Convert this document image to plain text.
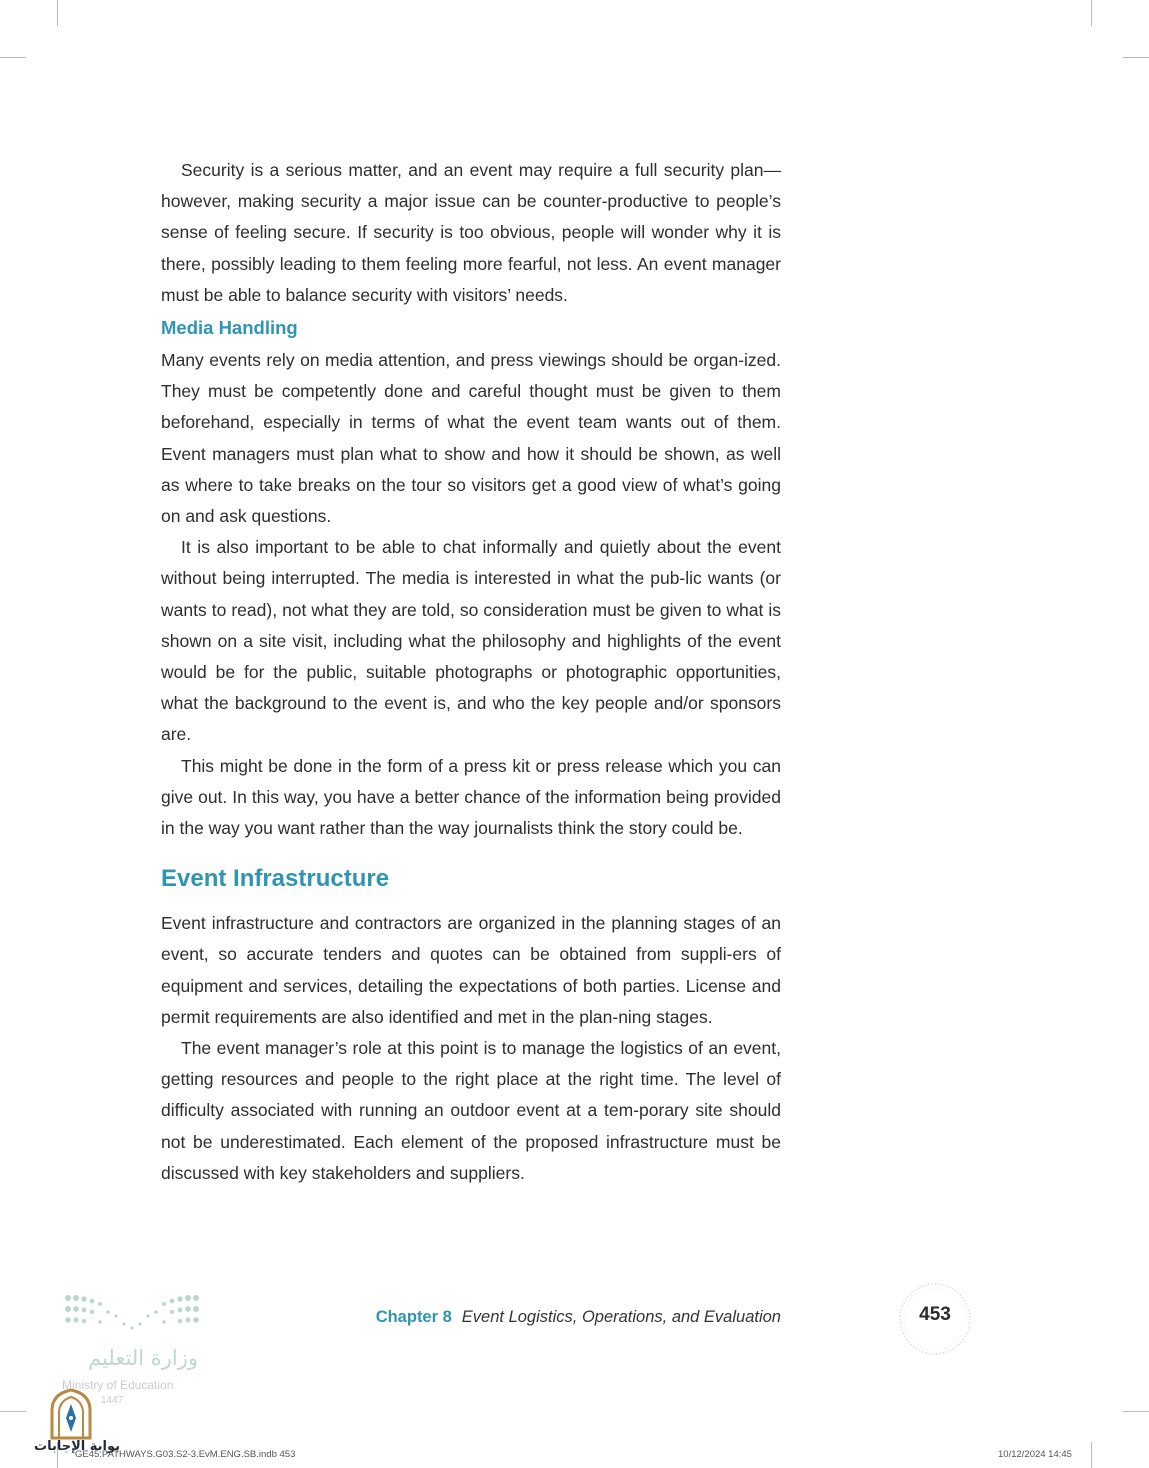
Security is a serious matter, and an event may require a full security plan—however, making security a major issue can be counter-productive to people’s sense of feeling secure. If security is too obvious, people will wonder why it is there, possibly leading to them feeling more fearful, not less. An event manager must be able to balance security with visitors’ needs.

Media Handling

Many events rely on media attention, and press viewings should be organ-ized. They must be competently done and careful thought must be given to them beforehand, especially in terms of what the event team wants out of them. Event managers must plan what to show and how it should be shown, as well as where to take breaks on the tour so visitors get a good view of what’s going on and ask questions.

It is also important to be able to chat informally and quietly about the event without being interrupted. The media is interested in what the pub-lic wants (or wants to read), not what they are told, so consideration must be given to what is shown on a site visit, including what the philosophy and highlights of the event would be for the public, suitable photographs or photographic opportunities, what the background to the event is, and who the key people and/or sponsors are.

This might be done in the form of a press kit or press release which you can give out. In this way, you have a better chance of the information being provided in the way you want rather than the way journalists think the story could be.

Event Infrastructure

Event infrastructure and contractors are organized in the planning stages of an event, so accurate tenders and quotes can be obtained from suppli-ers of equipment and services, detailing the expectations of both parties. License and permit requirements are also identified and met in the plan-ning stages.

The event manager’s role at this point is to manage the logistics of an event, getting resources and people to the right place at the right time. The level of difficulty associated with running an outdoor event at a tem-porary site should not be underestimated. Each element of the proposed infrastructure must be discussed with key stakeholders and suppliers.

Chapter 8 Event Logistics, Operations, and Evaluation	453
وزارة التعليم
Ministry of Education
1447
بوابة الإجابات
GE45.PATHWAYS.G03.S2-3.EvM.ENG.SB.indb 453	10/12/2024 14:45
